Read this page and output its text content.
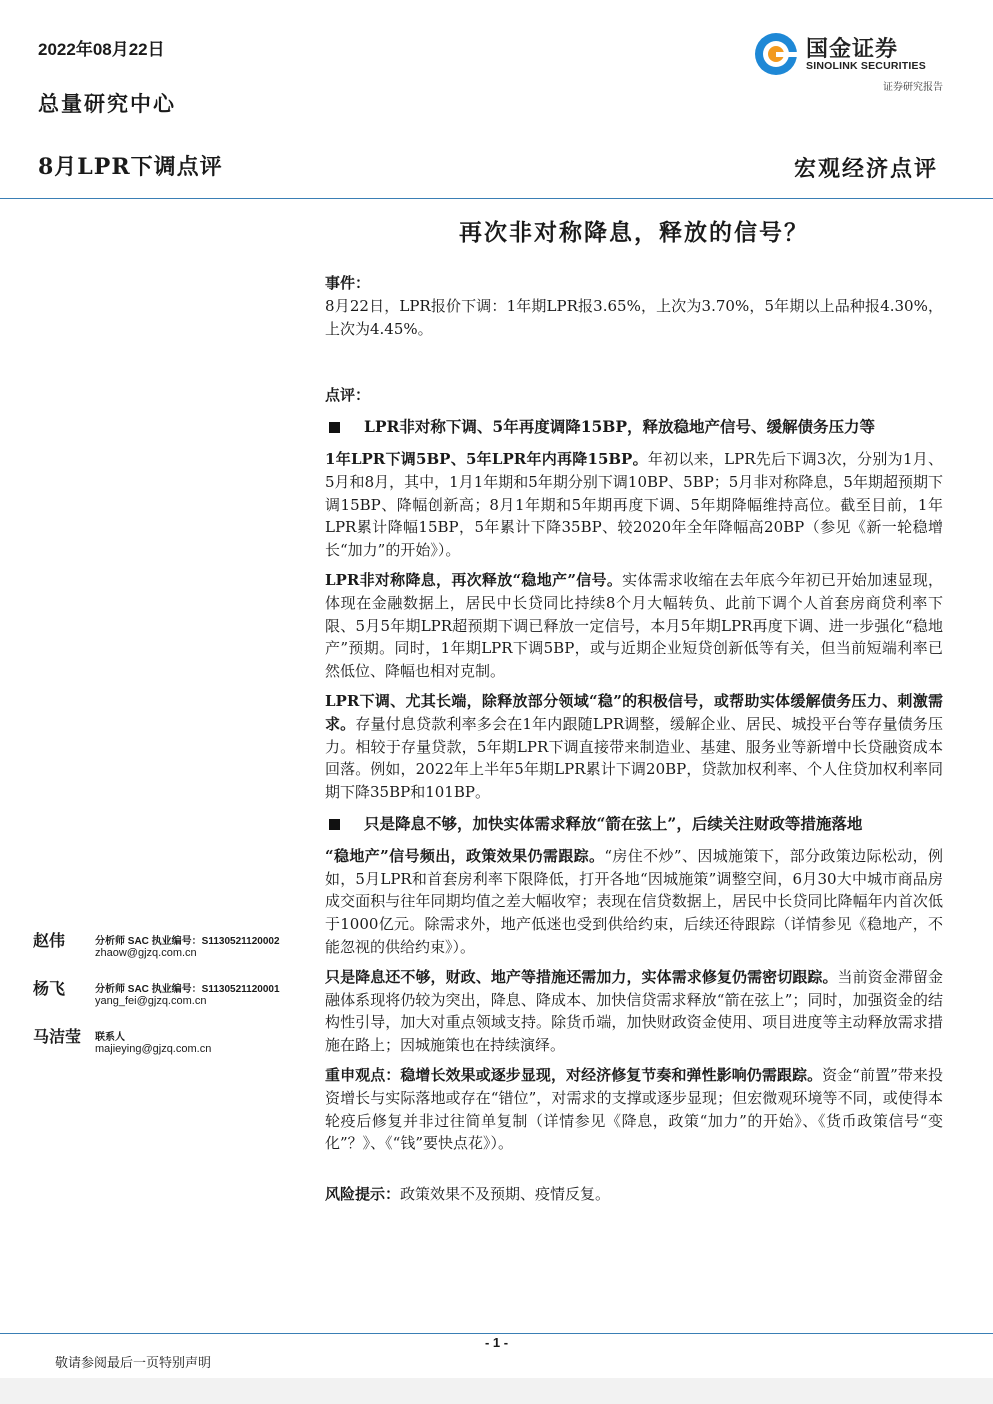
2022年08月22日
总量研究中心
8月LPR下调点评	宏观经济点评
国金证券
SINOLINK SECURITIES
证券研究报告
再次非对称降息，释放的信号？

事件：

8月22日，LPR报价下调：1年期LPR报3.65%，上次为3.70%，5年期以上品种报4.30%，上次为4.45%。

点评：

LPR非对称下调、5年再度调降15BP，释放稳地产信号、缓解债务压力等

1年LPR下调5BP、5年LPR年内再降15BP。年初以来，LPR先后下调3次，分别为1月、5月和8月，其中，1月1年期和5年期分别下调10BP、5BP；5月非对称降息，5年期超预期下调15BP、降幅创新高；8月1年期和5年期再度下调、5年期降幅维持高位。截至目前，1年LPR累计降幅15BP，5年累计下降35BP、较2020年全年降幅高20BP（参见《新一轮稳增长“加力”的开始》）。

LPR非对称降息，再次释放“稳地产”信号。实体需求收缩在去年底今年初已开始加速显现，体现在金融数据上，居民中长贷同比持续8个月大幅转负、此前下调个人首套房商贷利率下限、5月5年期LPR超预期下调已释放一定信号，本月5年期LPR再度下调、进一步强化“稳地产”预期。同时，1年期LPR下调5BP，或与近期企业短贷创新低等有关，但当前短端利率已然低位、降幅也相对克制。

LPR下调、尤其长端，除释放部分领域“稳”的积极信号，或帮助实体缓解债务压力、刺激需求。存量付息贷款利率多会在1年内跟随LPR调整，缓解企业、居民、城投平台等存量债务压力。相较于存量贷款，5年期LPR下调直接带来制造业、基建、服务业等新增中长贷融资成本回落。例如，2022年上半年5年期LPR累计下调20BP，贷款加权利率、个人住贷加权利率同期下降35BP和101BP。

只是降息不够，加快实体需求释放“箭在弦上”，后续关注财政等措施落地

“稳地产”信号频出，政策效果仍需跟踪。“房住不炒”、因城施策下，部分政策边际松动，例如，5月LPR和首套房利率下限降低，打开各地“因城施策”调整空间，6月30大中城市商品房成交面积与往年同期均值之差大幅收窄；表现在信贷数据上，居民中长贷同比降幅年内首次低于1000亿元。除需求外，地产低迷也受到供给约束，后续还待跟踪（详情参见《稳地产，不能忽视的供给约束》）。

只是降息还不够，财政、地产等措施还需加力，实体需求修复仍需密切跟踪。当前资金滞留金融体系现将仍较为突出，降息、降成本、加快信贷需求释放“箭在弦上”；同时，加强资金的结构性引导，加大对重点领域支持。除货币端，加快财政资金使用、项目进度等主动释放需求措施在路上；因城施策也在持续演绎。

重申观点：稳增长效果或逐步显现，对经济修复节奏和弹性影响仍需跟踪。资金“前置”带来投资增长与实际落地或存在“错位”，对需求的支撑或逐步显现；但宏微观环境等不同，或使得本轮疫后修复并非过往简单复制（详情参见《降息，政策“加力”的开始》、《货币政策信号“变化”？》、《“钱”要快点花》）。

风险提示：政策效果不及预期、疫情反复。

赵伟	分析师 SAC 执业编号：S1130521120002
zhaow@gjzq.com.cn
杨飞	分析师 SAC 执业编号：S1130521120001
yang_fei@gjzq.com.cn
马洁莹 联系人
majieying@gjzq.com.cn
- 1 -
敬请参阅最后一页特别声明
